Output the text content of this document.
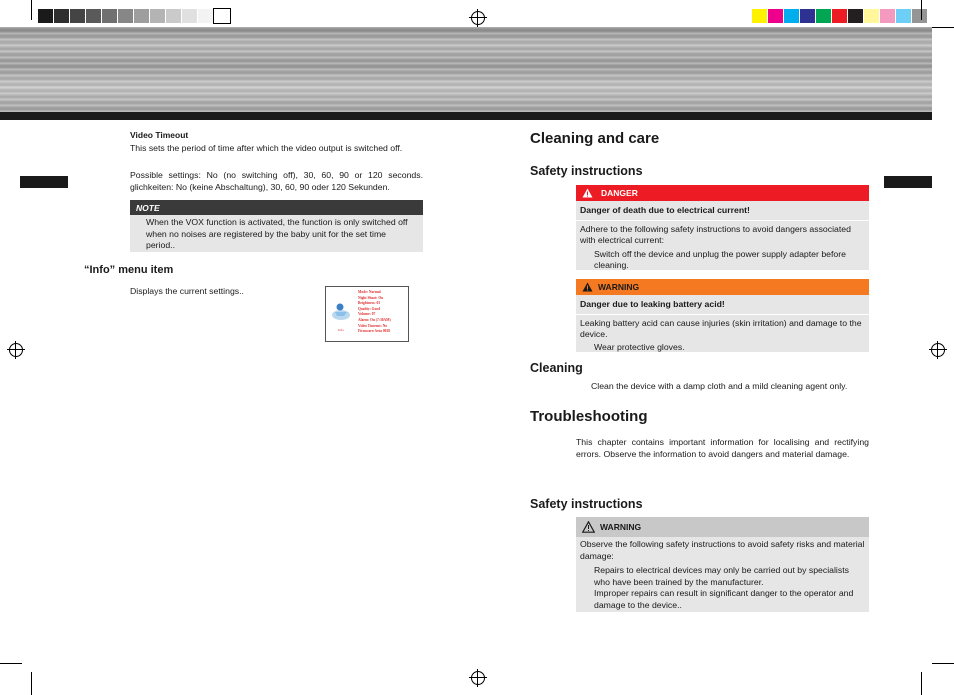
Video Timeout
This sets the period of time after which the video output is switched off.
Possible settings: No (no switching off), 30, 60, 90 or 120 seconds. glichkeiten: No (keine Abschaltung), 30, 60, 90 oder 120 Sekunden.
NOTE
When the VOX function is activated, the function is only switched off when no noises are registered by the baby unit for the set time period..
“Info” menu item
Displays the current settings..
Info
Mode: Normal
Night Shoot: On
Brightness: 03
Quality: Good
Volume: 07
Alarm: On (7:30AM)
Video Timeout: No
Firmware: beta 0028
Cleaning and care
Safety instructions
DANGER
Danger of death due to electrical current!
Adhere to the following safety instructions to avoid dangers associated with electrical current:
Switch off the device and unplug the power supply adapter before cleaning.
WARNING
Danger due to leaking battery acid!
Leaking battery acid can cause injuries (skin irritation) and damage to the device.
Wear protective gloves.
Cleaning
Clean the device with a damp cloth and a mild cleaning agent only.
Troubleshooting
This chapter contains important information for localising and rectifying errors. Observe the information to avoid dangers and material damage.
Safety instructions
WARNING
Observe the following safety instructions to avoid safety risks and material damage:
Repairs to electrical devices may only be carried out by specialists who have been trained by the manufacturer.
Improper repairs can result in significant danger to the operator and damage to the device..
